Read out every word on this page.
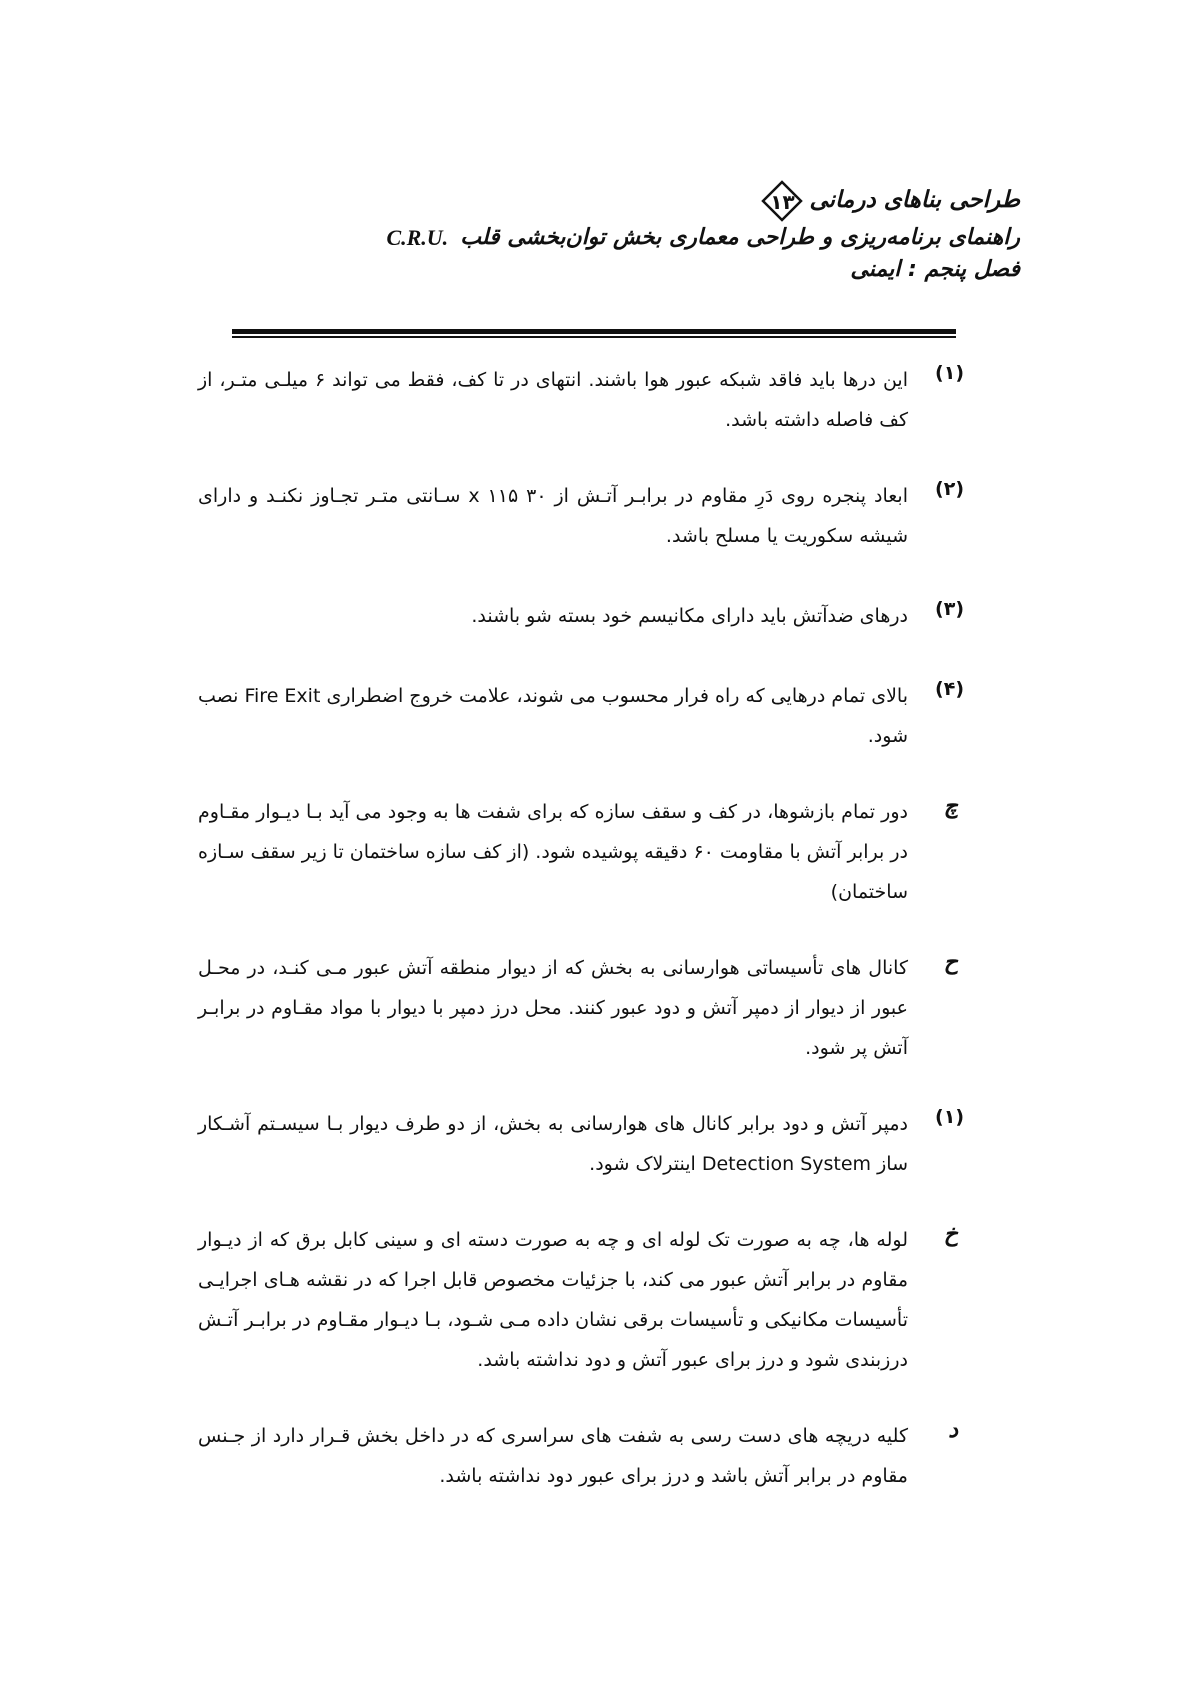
طراحی بناهای درمانی
۱۳
راهنمای برنامه‌ریزی و طراحی معماری بخش توان‌بخشی قلب
C.R.U.
فصل پنجم : ایمنی
(۱)
این درها باید فاقد شبکه عبور هوا باشند. انتهای در تا کف، فقط می تواند ۶ میلـی متـر، از کف فاصله داشته باشد.
(۲)
ابعاد پنجره روی دَرِ مقاوم در برابـر آتـش از ۳۰ x ۱۱۵ سـانتی متـر تجـاوز نکنـد و دارای شیشه سکوریت یا مسلح باشد.
(۳)
درهای ضدآتش باید دارای مکانیسم خود بسته شو باشند.
(۴)
بالای تمام درهایی که راه فرار محسوب می شوند، علامت خروج اضطراری Fire Exit نصب شود.
چ
دور تمام بازشوها، در کف و سقف سازه که برای شفت ها به وجود می آید بـا دیـوار مقـاوم در برابر آتش با مقاومت ۶۰ دقیقه پوشیده شود. (از کف سازه ساختمان تا زیر سقف سـازه ساختمان)
ح
کانال های تأسیساتی هوارسانی به بخش که از دیوار منطقه آتش عبور مـی کنـد، در محـل عبور از دیوار از دمپر آتش و دود عبور کنند. محل درز دمپر با دیوار با مواد مقـاوم در برابـر آتش پر شود.
(۱)
دمپر آتش و دود برابر کانال های هوارسانی به بخش، از دو طرف دیوار بـا سیسـتم آشـکار ساز Detection System اینترلاک شود.
خ
لوله ها، چه به صورت تک لوله ای و چه به صورت دسته ای و سینی کابل برق که از دیـوار مقاوم در برابر آتش عبور می کند، با جزئیات مخصوص قابل اجرا که در نقشه هـای اجرایـی تأسیسات مکانیکی و تأسیسات برقی نشان داده مـی شـود، بـا دیـوار مقـاوم در برابـر آتـش درزبندی شود و درز برای عبور آتش و دود نداشته باشد.
د
کلیه دریچه های دست رسی به شفت های سراسری که در داخل بخش قـرار دارد از جـنس مقاوم در برابر آتش باشد و درز برای عبور دود نداشته باشد.
